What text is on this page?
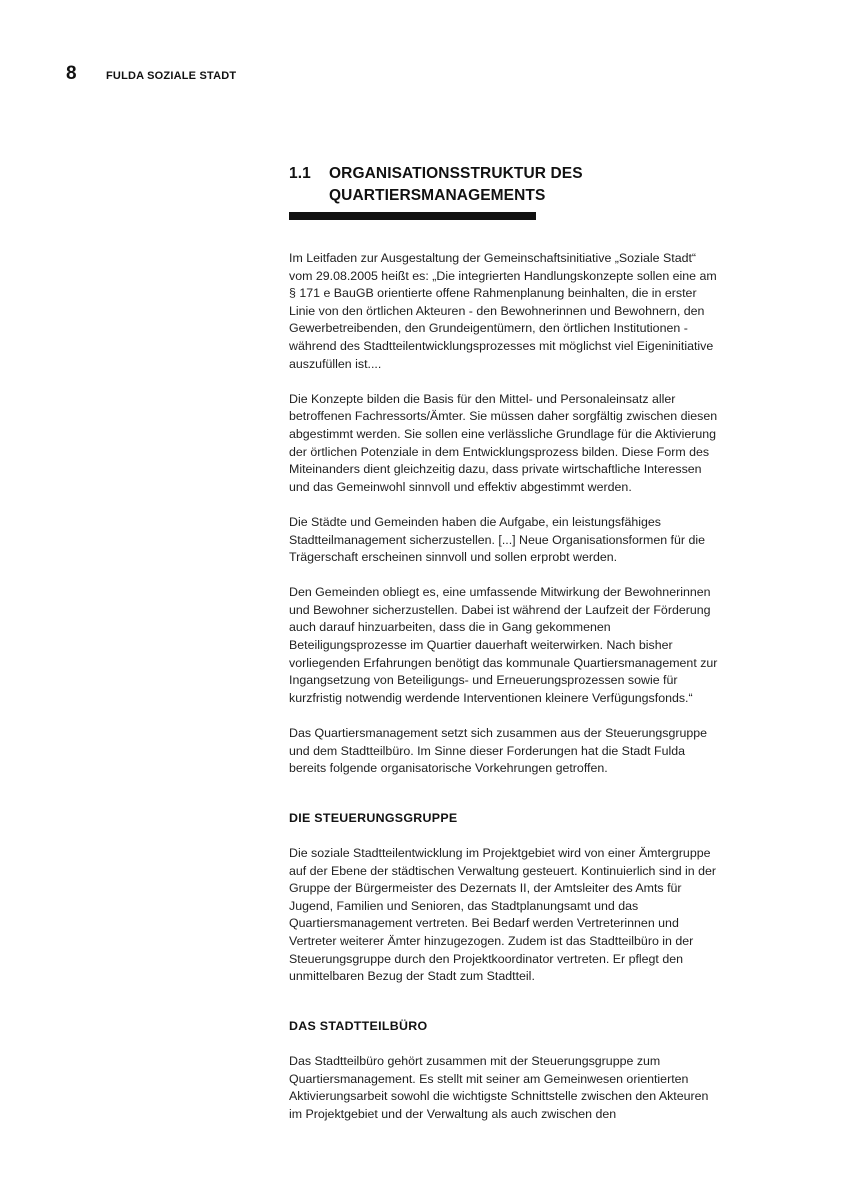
8	FULDA SOZIALE STADT
1.1	ORGANISATIONSSTRUKTUR DES
QUARTIERSMANAGEMENTS

Im Leitfaden zur Ausgestaltung der Gemeinschaftsinitiative „Soziale Stadt“ vom 29.08.2005 heißt es: „Die integrierten Handlungskonzepte sollen eine am § 171 e BauGB orientierte offene Rahmenplanung beinhalten, die in erster Linie von den örtlichen Akteuren - den Bewohnerinnen und Bewohnern, den Gewerbetreibenden, den Grundeigentümern, den örtlichen Institutionen - während des Stadtteilentwicklungsprozesses mit möglichst viel Eigeninitiative auszufüllen ist....

Die Konzepte bilden die Basis für den Mittel- und Personaleinsatz aller betroffenen Fachressorts/Ämter. Sie müssen daher sorgfältig zwischen diesen abgestimmt werden. Sie sollen eine verlässliche Grundlage für die Aktivierung der örtlichen Potenziale in dem Entwicklungsprozess bilden. Diese Form des Miteinanders dient gleichzeitig dazu, dass private wirtschaftliche Interessen und das Gemeinwohl sinnvoll und effektiv abgestimmt werden.

Die Städte und Gemeinden haben die Aufgabe, ein leistungsfähiges Stadtteilmanagement sicherzustellen. [...] Neue Organisationsformen für die Trägerschaft erscheinen sinnvoll und sollen erprobt werden.

Den Gemeinden obliegt es, eine umfassende Mitwirkung der Bewohnerinnen und Bewohner sicherzustellen. Dabei ist während der Laufzeit der Förderung auch darauf hinzuarbeiten, dass die in Gang gekommenen Beteiligungsprozesse im Quartier dauerhaft weiterwirken. Nach bisher vorliegenden Erfahrungen benötigt das kommunale Quartiersmanagement zur Ingangsetzung von Beteiligungs- und Erneuerungsprozessen sowie für kurzfristig notwendig werdende Interventionen kleinere Verfügungsfonds.“

Das Quartiersmanagement setzt sich zusammen aus der Steuerungsgruppe und dem Stadtteilbüro. Im Sinne dieser Forderungen hat die Stadt Fulda bereits folgende organisatorische Vorkehrungen getroffen.

DIE STEUERUNGSGRUPPE

Die soziale Stadtteilentwicklung im Projektgebiet wird von einer Ämtergruppe auf der Ebene der städtischen Verwaltung gesteuert. Kontinuierlich sind in der Gruppe der Bürgermeister des Dezernats II, der Amtsleiter des Amts für Jugend, Familien und Senioren, das Stadtplanungsamt und das Quartiersmanagement vertreten. Bei Bedarf werden Vertreterinnen und Vertreter weiterer Ämter hinzugezogen. Zudem ist das Stadtteilbüro in der Steuerungsgruppe durch den Projektkoordinator vertreten. Er pflegt den unmittelbaren Bezug der Stadt zum Stadtteil.

DAS STADTTEILBÜRO

Das Stadtteilbüro gehört zusammen mit der Steuerungsgruppe zum Quartiersmanagement. Es stellt mit seiner am Gemeinwesen orientierten Aktivierungsarbeit sowohl die wichtigste Schnittstelle zwischen den Akteuren im Projektgebiet und der Verwaltung als auch zwischen den
